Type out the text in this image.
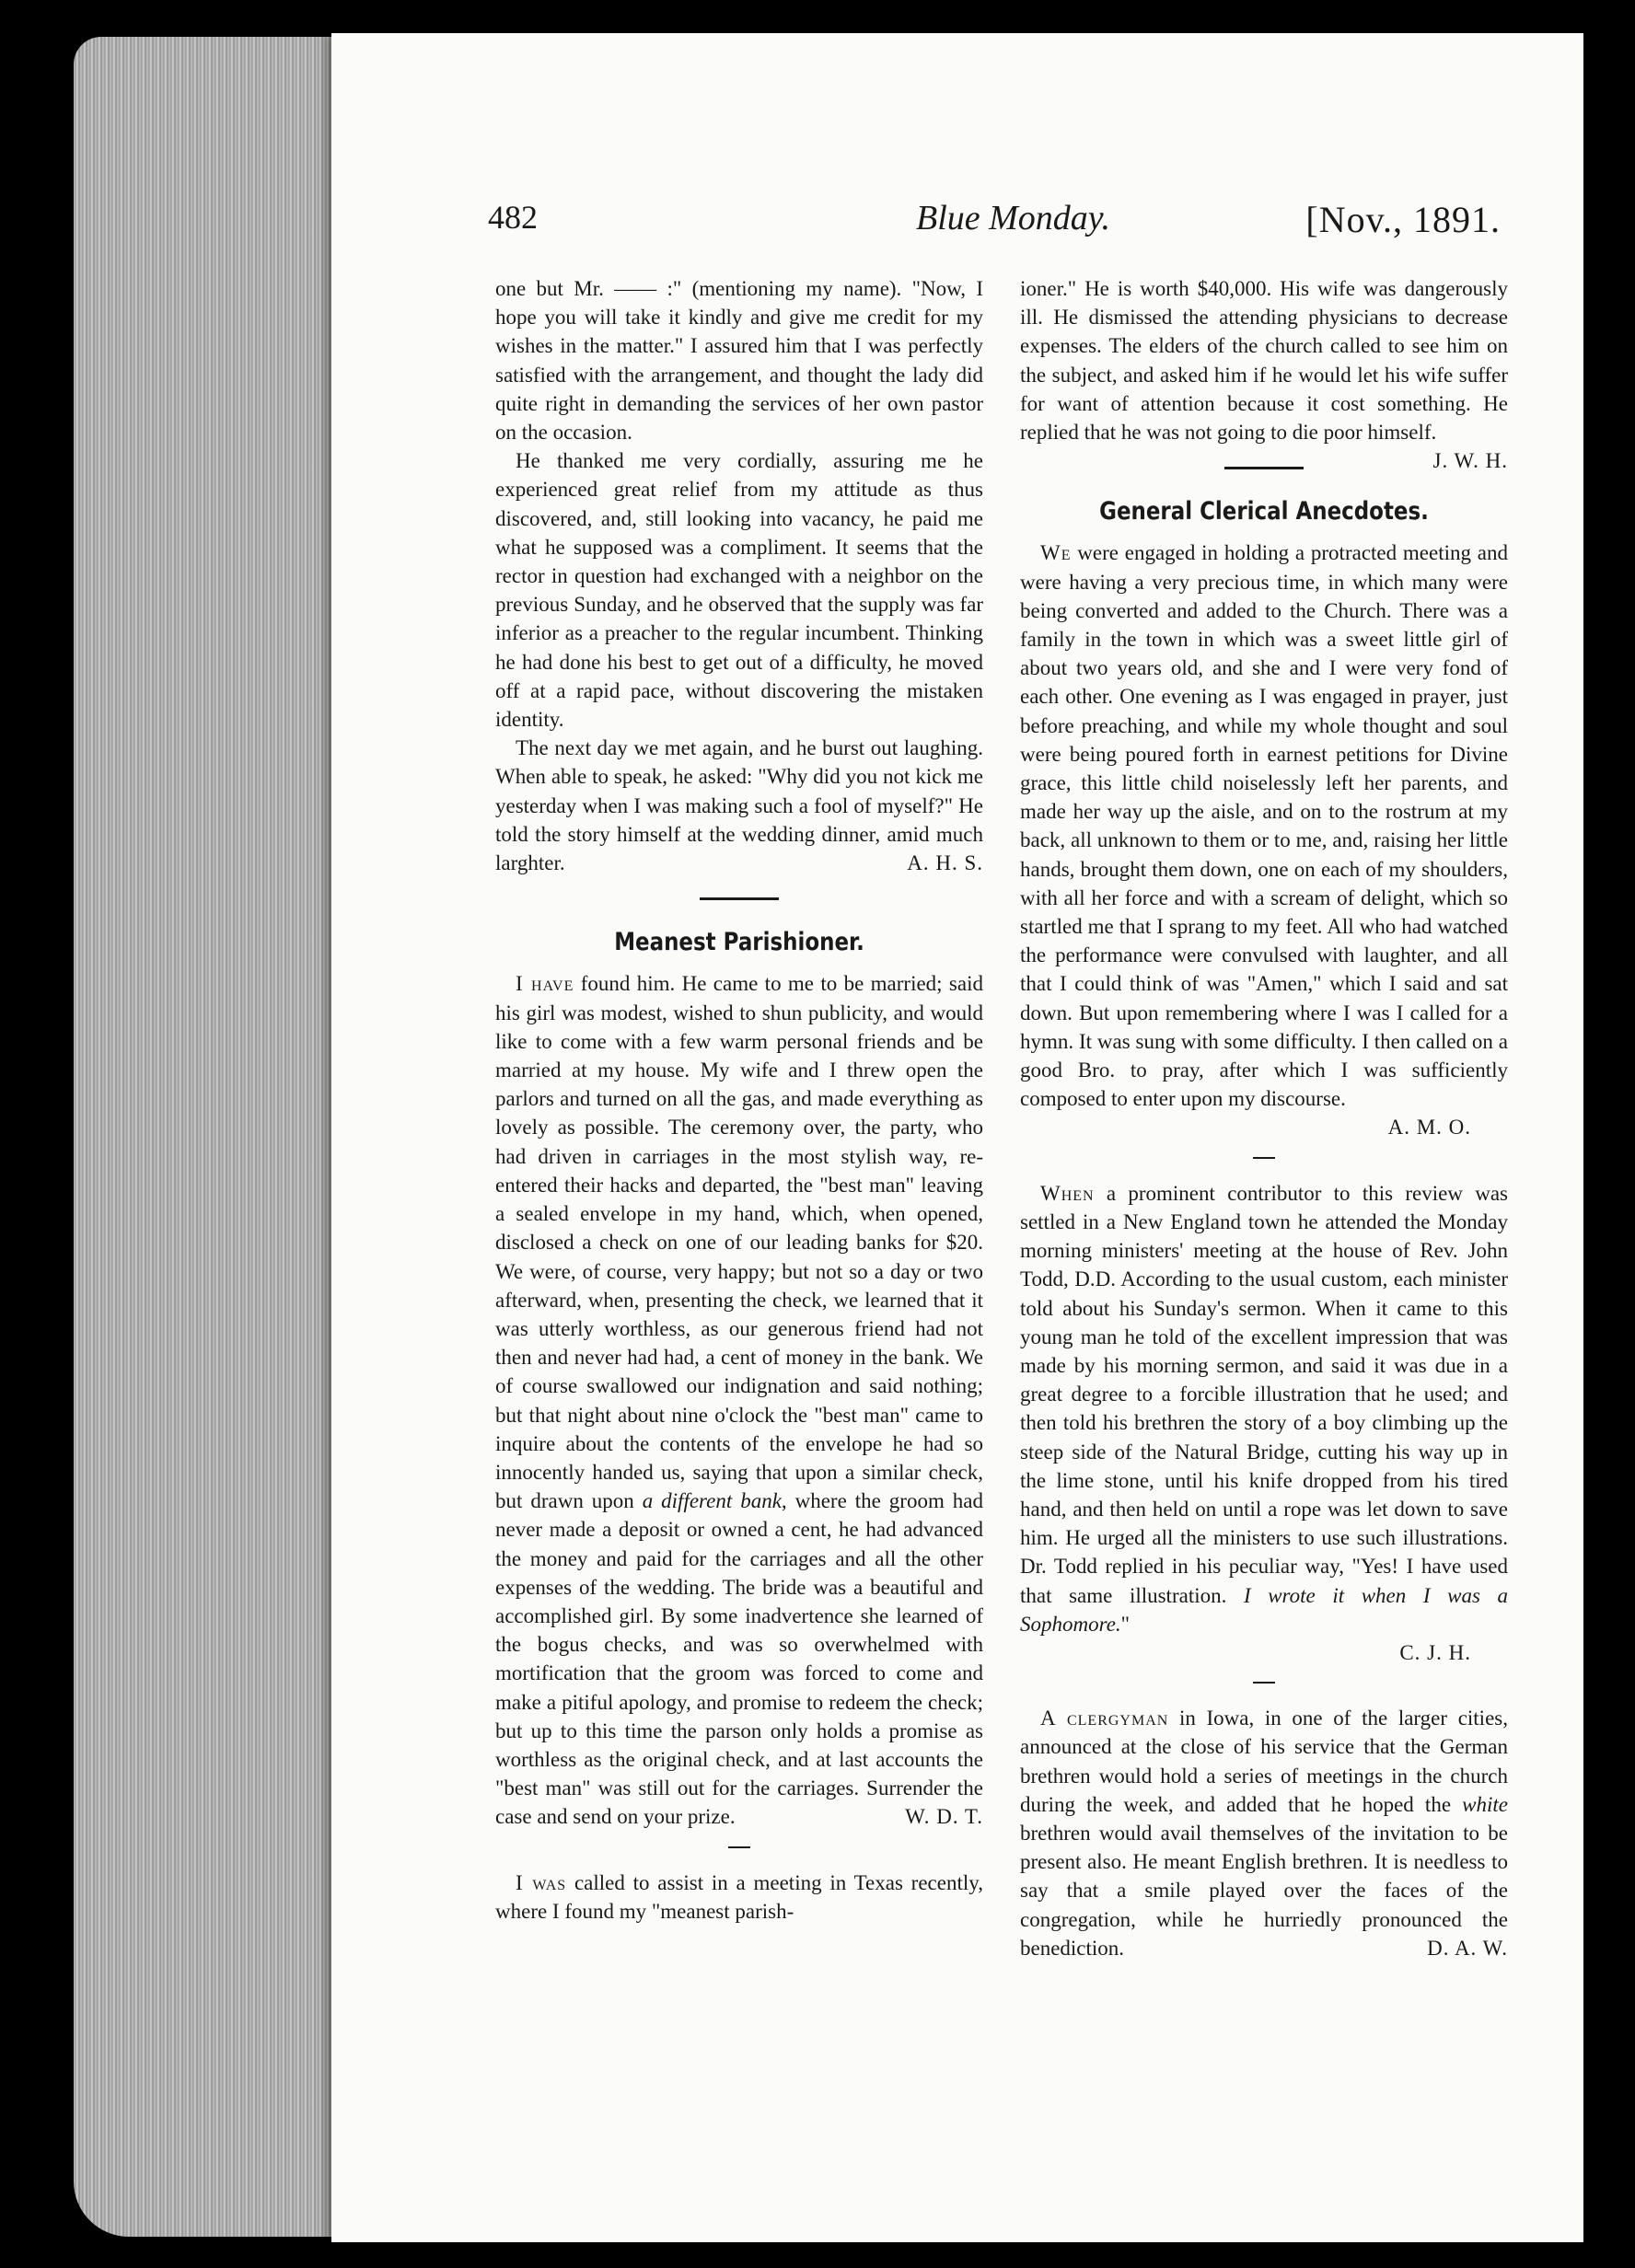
482	Blue Monday.	[Nov., 1891.

one but Mr. —— :" (mentioning my name). "Now, I hope you will take it kindly and give me credit for my wishes in the matter." I assured him that I was perfectly satisfied with the arrangement, and thought the lady did quite right in demanding the services of her own pastor on the occasion.

He thanked me very cordially, assuring me he experienced great relief from my attitude as thus discovered, and, still looking into vacancy, he paid me what he supposed was a compliment. It seems that the rector in question had exchanged with a neighbor on the previous Sunday, and he observed that the supply was far inferior as a preacher to the regular incumbent. Thinking he had done his best to get out of a difficulty, he moved off at a rapid pace, without discovering the mistaken identity.

The next day we met again, and he burst out laughing. When able to speak, he asked: "Why did you not kick me yesterday when I was making such a fool of myself?" He told the story himself at the wedding dinner, amid much larghter.	A. H. S.

Meanest Parishioner.

I have found him. He came to me to be married; said his girl was modest, wished to shun publicity, and would like to come with a few warm personal friends and be married at my house. My wife and I threw open the parlors and turned on all the gas, and made everything as lovely as possible. The ceremony over, the party, who had driven in carriages in the most stylish way, re-entered their hacks and departed, the "best man" leaving a sealed envelope in my hand, which, when opened, disclosed a check on one of our leading banks for $20. We were, of course, very happy; but not so a day or two afterward, when, presenting the check, we learned that it was utterly worthless, as our generous friend had not then and never had had, a cent of money in the bank. We of course swallowed our indignation and said nothing; but that night about nine o'clock the "best man" came to inquire about the contents of the envelope he had so innocently handed us, saying that upon a similar check, but drawn upon a different bank, where the groom had never made a deposit or owned a cent, he had advanced the money and paid for the carriages and all the other expenses of the wedding. The bride was a beautiful and accomplished girl. By some inadvertence she learned of the bogus checks, and was so overwhelmed with mortification that the groom was forced to come and make a pitiful apology, and promise to redeem the check; but up to this time the parson only holds a promise as worthless as the original check, and at last accounts the "best man" was still out for the carriages. Surrender the case and send on your prize.	W. D. T.

I was called to assist in a meeting in Texas recently, where I found my "meanest parish-

ioner." He is worth $40,000. His wife was dangerously ill. He dismissed the attending physicians to decrease expenses. The elders of the church called to see him on the subject, and asked him if he would let his wife suffer for want of attention because it cost something. He replied that he was not going to die poor himself.
J. W. H.

General Clerical Anecdotes.

We were engaged in holding a protracted meeting and were having a very precious time, in which many were being converted and added to the Church. There was a family in the town in which was a sweet little girl of about two years old, and she and I were very fond of each other. One evening as I was engaged in prayer, just before preaching, and while my whole thought and soul were being poured forth in earnest petitions for Divine grace, this little child noiselessly left her parents, and made her way up the aisle, and on to the rostrum at my back, all unknown to them or to me, and, raising her little hands, brought them down, one on each of my shoulders, with all her force and with a scream of delight, which so startled me that I sprang to my feet. All who had watched the performance were convulsed with laughter, and all that I could think of was "Amen," which I said and sat down. But upon remembering where I was I called for a hymn. It was sung with some difficulty. I then called on a good Bro. to pray, after which I was sufficiently composed to enter upon my discourse.

A. M. O.

When a prominent contributor to this review was settled in a New England town he attended the Monday morning ministers' meeting at the house of Rev. John Todd, D.D. According to the usual custom, each minister told about his Sunday's sermon. When it came to this young man he told of the excellent impression that was made by his morning sermon, and said it was due in a great degree to a forcible illustration that he used; and then told his brethren the story of a boy climbing up the steep side of the Natural Bridge, cutting his way up in the lime stone, until his knife dropped from his tired hand, and then held on until a rope was let down to save him. He urged all the ministers to use such illustrations. Dr. Todd replied in his peculiar way, "Yes! I have used that same illustration. I wrote it when I was a Sophomore."

C. J. H.

A clergyman in Iowa, in one of the larger cities, announced at the close of his service that the German brethren would hold a series of meetings in the church during the week, and added that he hoped the white brethren would avail themselves of the invitation to be present also. He meant English brethren. It is needless to say that a smile played over the faces of the congregation, while he hurriedly pronounced the benediction.	D. A. W.
